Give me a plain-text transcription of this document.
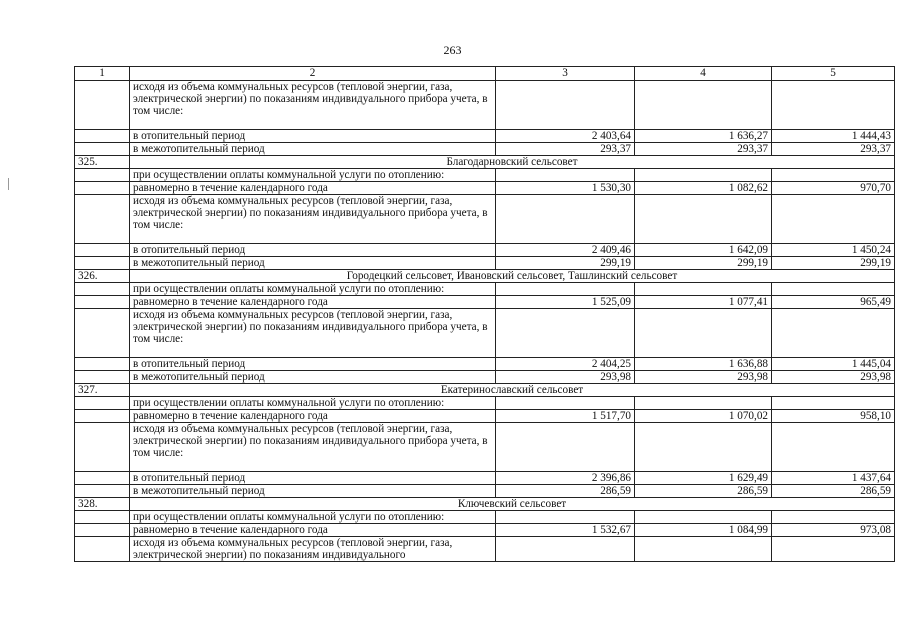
263
1	2	3	4	5
	исходя из объема коммунальных ресурсов (тепловой энергии, газа, электрической энергии) по показаниям индивидуального прибора учета, в том числе:			
	в отопительный период	2 403,64	1 636,27	1 444,43
	в межотопительный период	293,37	293,37	293,37
325.	Благодарновский сельсовет			
	при осуществлении оплаты коммунальной услуги по отоплению:			
	равномерно в течение календарного года	1 530,30	1 082,62	970,70
	исходя из объема коммунальных ресурсов (тепловой энергии, газа, электрической энергии) по показаниям индивидуального прибора учета, в том числе:			
	в отопительный период	2 409,46	1 642,09	1 450,24
	в межотопительный период	299,19	299,19	299,19
326.	Городецкий сельсовет, Ивановский сельсовет, Ташлинский сельсовет			
	при осуществлении оплаты коммунальной услуги по отоплению:			
	равномерно в течение календарного года	1 525,09	1 077,41	965,49
	исходя из объема коммунальных ресурсов (тепловой энергии, газа, электрической энергии) по показаниям индивидуального прибора учета, в том числе:			
	в отопительный период	2 404,25	1 636,88	1 445,04
	в межотопительный период	293,98	293,98	293,98
327.	Екатеринославский сельсовет			
	при осуществлении оплаты коммунальной услуги по отоплению:			
	равномерно в течение календарного года	1 517,70	1 070,02	958,10
	исходя из объема коммунальных ресурсов (тепловой энергии, газа, электрической энергии) по показаниям индивидуального прибора учета, в том числе:			
	в отопительный период	2 396,86	1 629,49	1 437,64
	в межотопительный период	286,59	286,59	286,59
328.	Ключевский сельсовет			
	при осуществлении оплаты коммунальной услуги по отоплению:			
	равномерно в течение календарного года	1 532,67	1 084,99	973,08
	исходя из объема коммунальных ресурсов (тепловой энергии, газа, электрической энергии) по показаниям индивидуального			
